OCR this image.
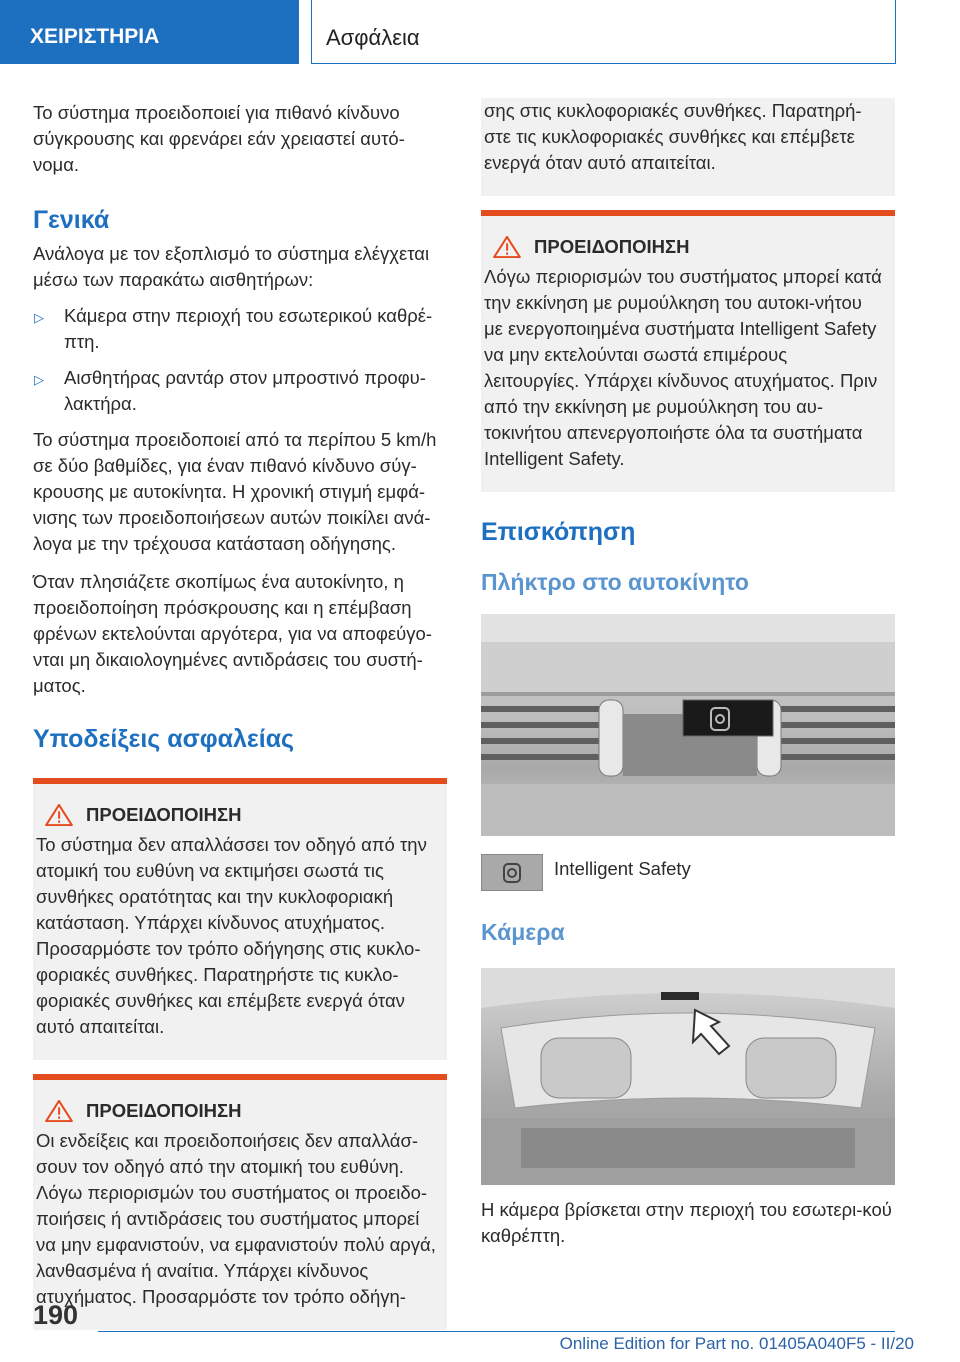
ΧΕΙΡΙΣΤΗΡΙΑ	Ασφάλεια

Το σύστημα προειδοποιεί για πιθανό κίνδυνο σύγκρουσης και φρενάρει εάν χρειαστεί αυτό-νομα.

Γενικά

Ανάλογα με τον εξοπλισμό το σύστημα ελέγχεται μέσω των παρακάτω αισθητήρων:

▷ Κάμερα στην περιοχή του εσωτερικού καθρέ-πτη.
▷ Αισθητήρας ραντάρ στον μπροστινό προφυ-λακτήρα.

Το σύστημα προειδοποιεί από τα περίπου 5 km/h σε δύο βαθμίδες, για έναν πιθανό κίνδυνο σύγ-κρουσης με αυτοκίνητα. Η χρονική στιγμή εμφά-νισης των προειδοποιήσεων αυτών ποικίλει ανά-λογα με την τρέχουσα κατάσταση οδήγησης.

Όταν πλησιάζετε σκοπίμως ένα αυτοκίνητο, η προειδοποίηση πρόσκρουσης και η επέμβαση φρένων εκτελούνται αργότερα, για να αποφεύγο-νται μη δικαιολογημένες αντιδράσεις του συστή-ματος.

Υποδείξεις ασφαλείας
ΠΡΟΕΙΔΟΠΟΙΗΣΗ

Το σύστημα δεν απαλλάσσει τον οδηγό από την ατομική του ευθύνη να εκτιμήσει σωστά τις συνθήκες ορατότητας και την κυκλοφοριακή κατάσταση. Υπάρχει κίνδυνος ατυχήματος. Προσαρμόστε τον τρόπο οδήγησης στις κυκλο-φοριακές συνθήκες. Παρατηρήστε τις κυκλο-φοριακές συνθήκες και επέμβετε ενεργά όταν αυτό απαιτείται.

ΠΡΟΕΙΔΟΠΟΙΗΣΗ

Οι ενδείξεις και προειδοποιήσεις δεν απαλλάσ-σουν τον οδηγό από την ατομική του ευθύνη. Λόγω περιορισμών του συστήματος οι προειδο-ποιήσεις ή αντιδράσεις του συστήματος μπορεί να μην εμφανιστούν, να εμφανιστούν πολύ αργά, λανθασμένα ή αναίτια. Υπάρχει κίνδυνος ατυχήματος. Προσαρμόστε τον τρόπο οδήγη-

σης στις κυκλοφοριακές συνθήκες. Παρατηρή-στε τις κυκλοφοριακές συνθήκες και επέμβετε ενεργά όταν αυτό απαιτείται.

ΠΡΟΕΙΔΟΠΟΙΗΣΗ

Λόγω περιορισμών του συστήματος μπορεί κατά την εκκίνηση με ρυμούλκηση του αυτοκι-νήτου με ενεργοποιημένα συστήματα Intelligent Safety να μην εκτελούνται σωστά επιμέρους λειτουργίες. Υπάρχει κίνδυνος ατυχήματος. Πριν από την εκκίνηση με ρυμούλκηση του αυ-τοκινήτου απενεργοποιήστε όλα τα συστήματα Intelligent Safety.

Επισκόπηση
Πλήκτρο στο αυτοκίνητο

Intelligent Safety

Κάμερα

Η κάμερα βρίσκεται στην περιοχή του εσωτερι-κού καθρέπτη.

190
Online Edition for Part no. 01405A040F5 - II/20
